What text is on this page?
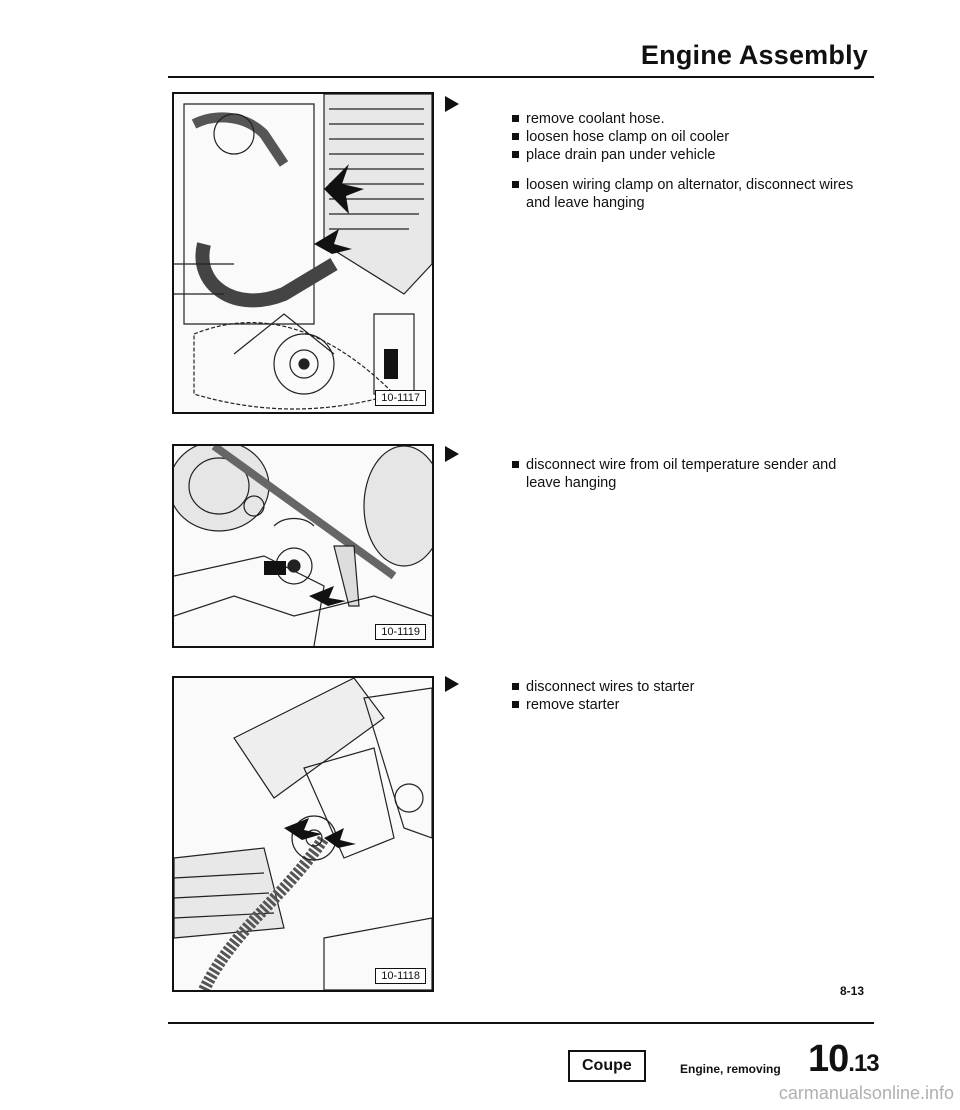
Engine Assembly
10-1117
remove coolant hose.
loosen hose clamp on oil cooler
place drain pan under vehicle
loosen wiring clamp on alternator, disconnect wires and leave hanging
10-1119
disconnect wire from oil temperature sender and leave hanging
10-1118
disconnect wires to starter
remove starter
8-13
Coupe	Engine, removing 10.13
carmanualsonline.info
